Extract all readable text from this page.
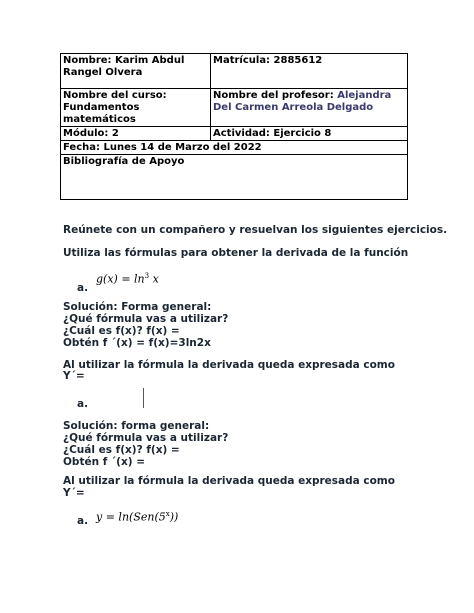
Nombre: Karim Abdul Rangel Olvera	Matrícula: 2885612
Nombre del curso: Fundamentos matemáticos	Nombre del profesor: Alejandra Del Carmen Arreola Delgado
Módulo: 2	Actividad: Ejercicio 8
Fecha: Lunes 14 de Marzo del 2022	
Bibliografía de Apoyo	
Reúnete con un compañero y resuelvan los siguientes ejercicios.
Utiliza las fórmulas para obtener la derivada de la función
a.
$g(x) = \ln^3 x$
Solución: Forma general:
¿Qué fórmula vas a utilizar?
¿Cuál es f(x)? f(x) =
Obtén f ´(x) = f(x)=3ln2x
Al utilizar la fórmula la derivada queda expresada como
Y´=
a.
Solución: forma general:
¿Qué fórmula vas a utilizar?
¿Cuál es f(x)? f(x) =
Obtén f ´(x) =
Al utilizar la fórmula la derivada queda expresada como
Y´=
a. $y = \ln(Sen(5^x))$
